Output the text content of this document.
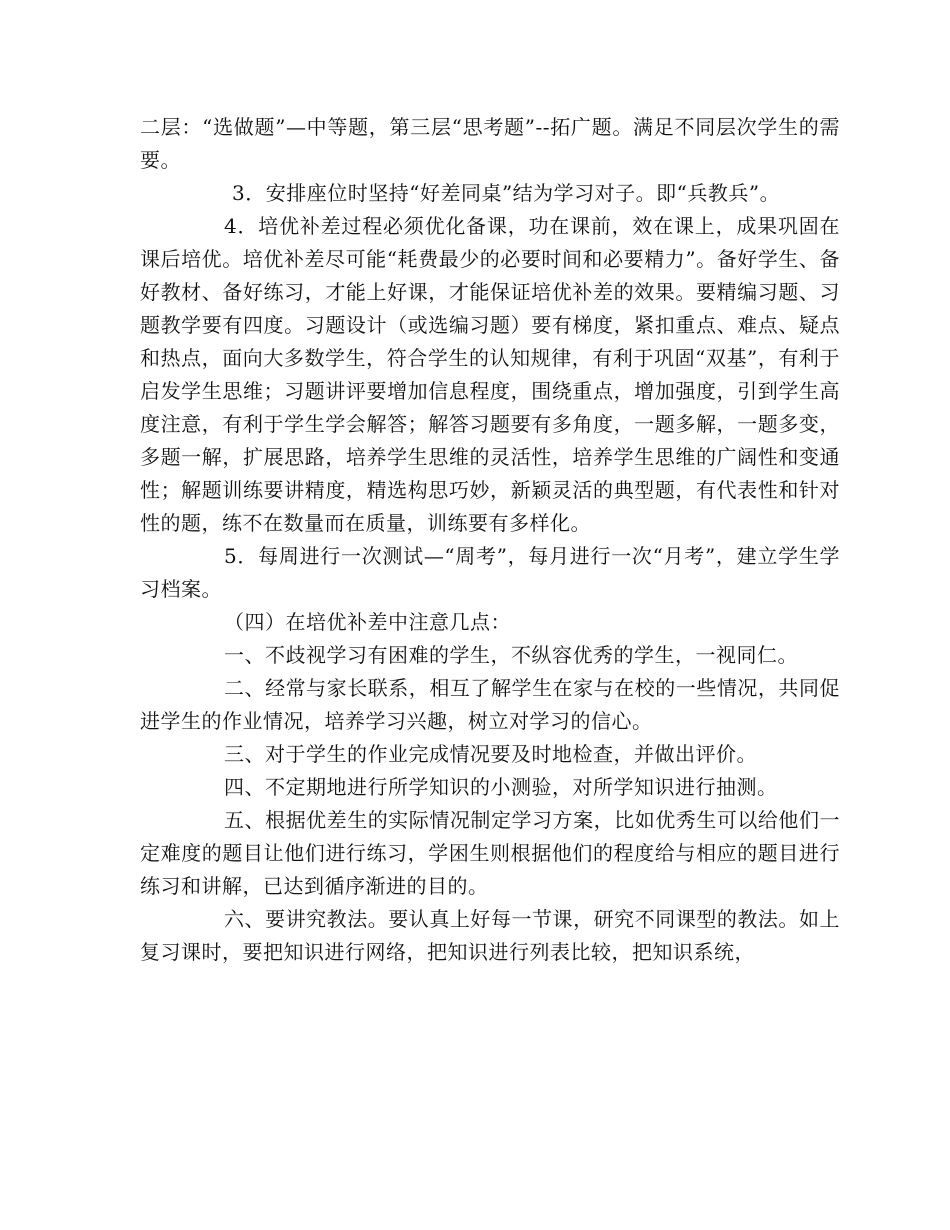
二层：“选做题”—中等题，第三层“思考题”--拓广题。满足不同层次学生的需要。

3．安排座位时坚持“好差同桌”结为学习对子。即“兵教兵”。

4．培优补差过程必须优化备课，功在课前，效在课上，成果巩固在课后培优。培优补差尽可能“耗费最少的必要时间和必要精力”。备好学生、备好教材、备好练习，才能上好课，才能保证培优补差的效果。要精编习题、习题教学要有四度。习题设计（或选编习题）要有梯度，紧扣重点、难点、疑点和热点，面向大多数学生，符合学生的认知规律，有利于巩固“双基”，有利于启发学生思维；习题讲评要增加信息程度，围绕重点，增加强度，引到学生高度注意，有利于学生学会解答；解答习题要有多角度，一题多解，一题多变，多题一解，扩展思路，培养学生思维的灵活性，培养学生思维的广阔性和变通性；解题训练要讲精度，精选构思巧妙，新颖灵活的典型题，有代表性和针对性的题，练不在数量而在质量，训练要有多样化。

5．每周进行一次测试—“周考”，每月进行一次“月考”，建立学生学习档案。

（四）在培优补差中注意几点：

一、不歧视学习有困难的学生，不纵容优秀的学生，一视同仁。

二、经常与家长联系，相互了解学生在家与在校的一些情况，共同促进学生的作业情况，培养学习兴趣，树立对学习的信心。

三、对于学生的作业完成情况要及时地检查，并做出评价。

四、不定期地进行所学知识的小测验，对所学知识进行抽测。

五、根据优差生的实际情况制定学习方案，比如优秀生可以给他们一定难度的题目让他们进行练习，学困生则根据他们的程度给与相应的题目进行练习和讲解，已达到循序渐进的目的。

六、要讲究教法。要认真上好每一节课，研究不同课型的教法。如上复习课时，要把知识进行网络，把知识进行列表比较，把知识系统，
